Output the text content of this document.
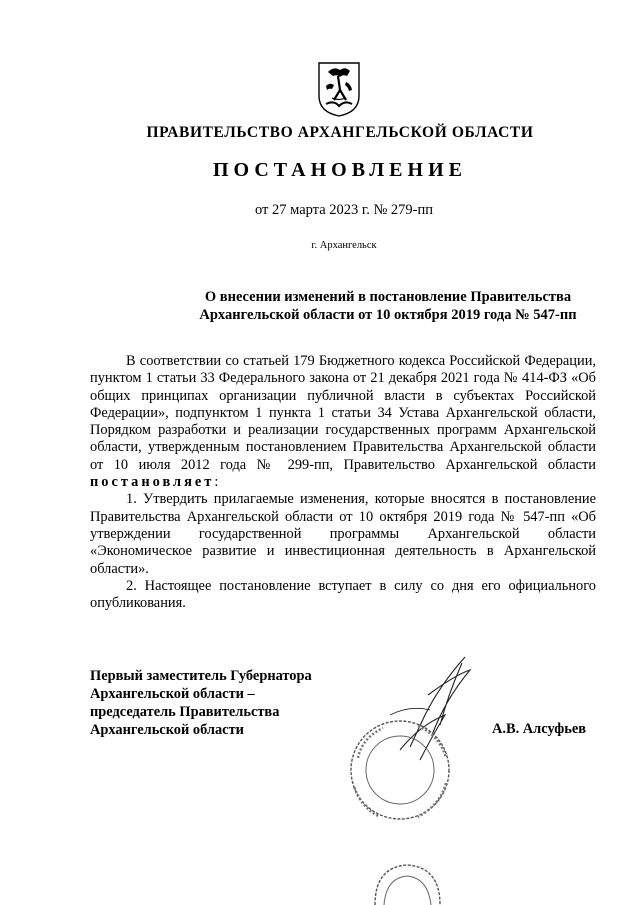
ПРАВИТЕЛЬСТВО АРХАНГЕЛЬСКОЙ ОБЛАСТИ
ПОСТАНОВЛЕНИЕ
от 27 марта 2023 г. № 279-пп
г. Архангельск
О внесении изменений в постановление Правительства
Архангельской области от 10 октября 2019 года № 547-пп

В соответствии со статьей 179 Бюджетного кодекса Российской Федерации, пунктом 1 статьи 33 Федерального закона от 21 декабря 2021 года № 414-ФЗ «Об общих принципах организации публичной власти в субъектах Российской Федерации», подпунктом 1 пункта 1 статьи 34 Устава Архангельской области, Порядком разработки и реализации государственных программ Архангельской области, утвержденным постановлением Правительства Архангельской области от 10 июля 2012 года № 299-пп, Правительство Архангельской области постановляет:

1. Утвердить прилагаемые изменения, которые вносятся в постановление Правительства Архангельской области от 10 октября 2019 года № 547-пп «Об утверждении государственной программы Архангельской области «Экономическое развитие и инвестиционная деятельность в Архангельской области».

2. Настоящее постановление вступает в силу со дня его официального опубликования.

Первый заместитель Губернатора
Архангельской области –
председатель Правительства
Архангельской области	А.В. Алсуфьев
